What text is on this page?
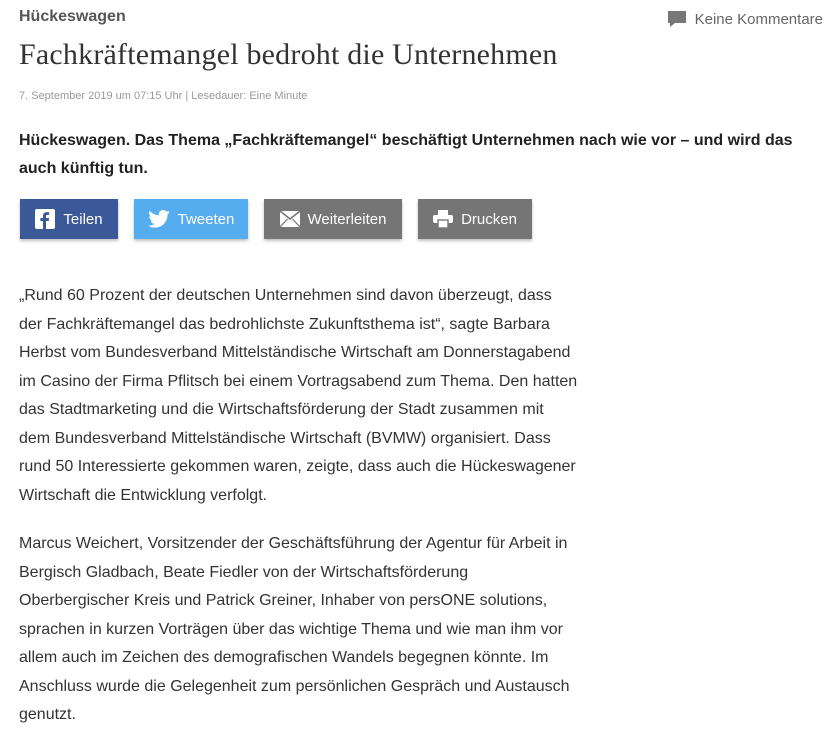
Hückeswagen	Keine Kommentare
Fachkräftemangel bedroht die Unternehmen
7. September 2019 um 07:15 Uhr | Lesedauer: Eine Minute

Hückeswagen. Das Thema „Fachkräftemangel“ beschäftigt Unternehmen nach wie vor – und wird das auch künftig tun.

Teilen	Tweeten	Weiterleiten	Drucken

„Rund 60 Prozent der deutschen Unternehmen sind davon überzeugt, dass der Fachkräftemangel das bedrohlichste Zukunftsthema ist“, sagte Barbara Herbst vom Bundesverband Mittelständische Wirtschaft am Donnerstagabend im Casino der Firma Pflitsch bei einem Vortragsabend zum Thema. Den hatten das Stadtmarketing und die Wirtschaftsförderung der Stadt zusammen mit dem Bundesverband Mittelständische Wirtschaft (BVMW) organisiert. Dass rund 50 Interessierte gekommen waren, zeigte, dass auch die Hückeswagener Wirtschaft die Entwicklung verfolgt.

Marcus Weichert, Vorsitzender der Geschäftsführung der Agentur für Arbeit in Bergisch Gladbach, Beate Fiedler von der Wirtschaftsförderung Oberbergischer Kreis und Patrick Greiner, Inhaber von persONE solutions, sprachen in kurzen Vorträgen über das wichtige Thema und wie man ihm vor allem auch im Zeichen des demografischen Wandels begegnen könnte. Im Anschluss wurde die Gelegenheit zum persönlichen Gespräch und Austausch genutzt.
